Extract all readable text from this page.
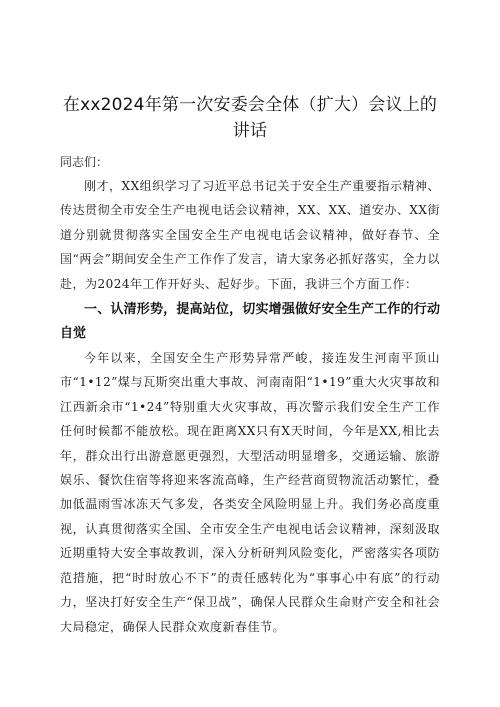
在xx2024年第一次安委会全体（扩大）会议上的讲话

同志们：

刚才，XX组织学习了习近平总书记关于安全生产重要指示精神、传达贯彻全市安全生产电视电话会议精神，XX、XX、道安办、XX街道分别就贯彻落实全国安全生产电视电话会议精神，做好春节、全国“两会”期间安全生产工作作了发言，请大家务必抓好落实，全力以赴，为2024年工作开好头、起好步。下面，我讲三个方面工作：

一、认清形势，提高站位，切实增强做好安全生产工作的行动自觉

今年以来，全国安全生产形势异常严峻，接连发生河南平顶山市“1•12”煤与瓦斯突出重大事故、河南南阳“1•19”重大火灾事故和江西新余市“1•24”特别重大火灾事故，再次警示我们安全生产工作任何时候都不能放松。现在距离XX只有X天时间，今年是XX,相比去年，群众出行出游意愿更强烈，大型活动明显增多，交通运输、旅游娱乐、餐饮住宿等将迎来客流高峰，生产经营商贸物流活动繁忙，叠加低温雨雪冰冻天气多发，各类安全风险明显上升。我们务必高度重视，认真贯彻落实全国、全市安全生产电视电话会议精神，深刻汲取近期重特大安全事故教训，深入分析研判风险变化，严密落实各项防范措施，把“时时放心不下”的责任感转化为“事事心中有底”的行动力，坚决打好安全生产“保卫战”，确保人民群众生命财产安全和社会大局稳定，确保人民群众欢度新春佳节。
